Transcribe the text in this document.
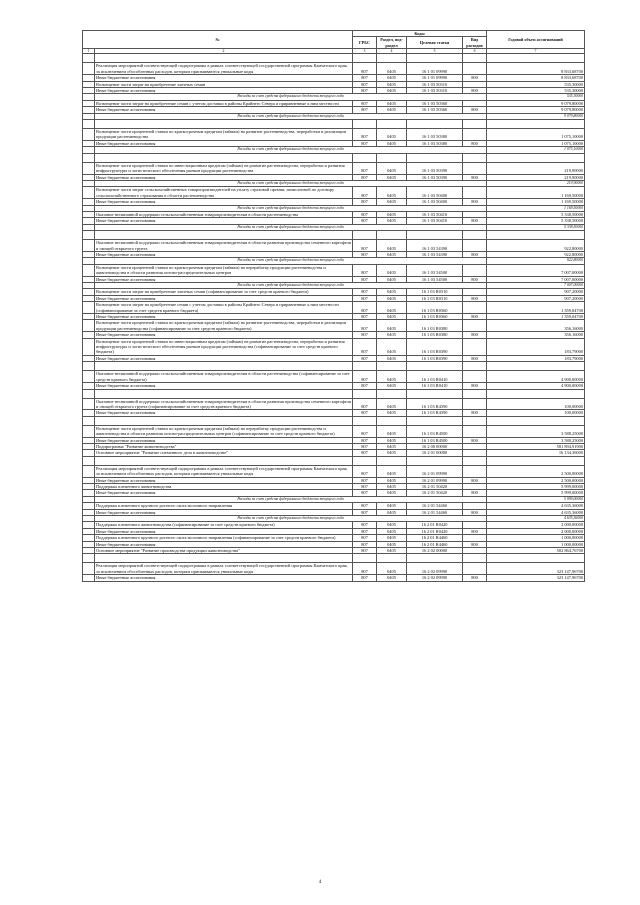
№		Коды				Годовой объем ассигнований
		ГРБС	Раздел, под-раздел	Целевая статья	Вид расходов	
1	2	3	4	5	6	7

	Реализация мероприятий соответствующей подпрограммы в рамках соответствующей государственной программы Камчатского края, за исключением обособленных расходов, которым присваиваются уникальные коды	807	0405	16 1 01 09990		8 833,68700
	Иные бюджетные ассигнования	807	0405	16 1 01 09990	800	8 833,68700
	Возмещение части затрат на приобретение элитных семян	807	0405	16 1 03 50310		535,30000
	Иные бюджетные ассигнования	807	0405	16 1 03 50310	800	535,30000
	Расходы за счет средств федерального бюджета текущего года					535,30000
	Возмещение части затрат на приобретение семян с учетом доставки в районы Крайнего Севера и приравненные к ним местности	807	0405	16 1 03 50360		9 079,80000
	Иные бюджетные ассигнования	807	0405	16 1 03 50360	800	9 079,80000
	Расходы за счет средств федерального бюджета текущего года					9 079,80000

	Возмещение части процентной ставки по краткосрочным кредитам (займам) на развитие растениеводства, переработки и реализации продукции растениеводства	807	0405	16 1 03 50380		1 075,10000
	Иные бюджетные ассигнования	807	0405	16 1 03 50380	800	1 075,10000
	Расходы за счет средств федерального бюджета текущего года					1 075,10000

	Возмещение части процентной ставки по инвестиционным кредитам (займам) на развитие растениеводства, переработки и развития инфраструктуры и логистического обеспечения рынков продукции растениеводства	807	0405	16 1 03 50390		219,90000
	Иные бюджетные ассигнования	807	0405	16 1 03 50390	800	219,90000
	Расходы за счет средств федерального бюджета текущего года					219,90000
	Возмещение части затрат сельскохозяйственных товаропроизводителей на уплату страховой премии, начисленной по договору сельскохозяйственного страхования в области растениеводства	807	0405	16 1 03 50400		1 169,50000
	Иные бюджетные ассигнования	807	0405	16 1 03 50400	800	1 169,50000
	Расходы за счет средств федерального бюджета текущего года					1 169,50000
	Оказание несвязанной поддержки сельскохозяйственным товаропроизводителям в области растениеводства	807	0405	16 1 03 50410		5 338,50000
	Иные бюджетные ассигнования	807	0405	16 1 03 50410	800	5 338,50000
	Расходы за счет средств федерального бюджета текущего года					5 338,50000

	Оказание несвязанной поддержки сельскохозяйственным товаропроизводителям в области развития производства семенного картофеля и овощей открытого грунта	807	0405	16 1 03 54390		922,80000
	Иные бюджетные ассигнования	807	0405	16 1 03 54390	800	922,80000
	Расходы за счет средств федерального бюджета текущего года					922,80000
	Возмещение части процентной ставки по краткосрочным кредитам (займам) на переработку продукции растениеводства и животноводства в области развития оптово-распределительных центров	807	0405	16 1 03 54500		7 007,00000
	Иные бюджетные ассигнования	807	0405	16 1 03 54500	800	7 007,00000
	Расходы за счет средств федерального бюджета текущего года					7 007,00000
	Возмещение части затрат на приобретение элитных семян (софинансирование за счет средств краевого бюджета)	807	0405	16 1 03 R0310		907,20000
	Иные бюджетные ассигнования	807	0405	16 1 03 R0310	800	907,20000
	Возмещение части затрат на приобретение семян с учетом доставки в районы Крайнего Севера и приравненные к ним местности (софинансирование за счет средств краевого бюджета)	807	0405	16 1 03 R0360		1 359,04700
	Иные бюджетные ассигнования	807	0405	16 1 03 R0360	800	1 359,04700
	Возмещение части процентной ставки по краткосрочным кредитам (займам) на развитие растениеводства, переработки и реализации продукции растениеводства (софинансирование за счет средств краевого бюджета)	807	0405	16 1 03 R0380		356,16000
	Иные бюджетные ассигнования	807	0405	16 1 03 R0380	800	356,16000
	Возмещение части процентной ставки по инвестиционным кредитам (займам) на развитие растениеводства, переработки и развития инфраструктуры и логистического обеспечения рынков продукции растениеводства (софинансирование за счет средств краевого бюджета)	807	0405	16 1 03 R0390		183,79000
	Иные бюджетные ассигнования	807	0405	16 1 03 R0390	800	183,79000

	Оказание несвязанной поддержки сельскохозяйственным товаропроизводителям в области растениеводства (софинансирование за счет средств краевого бюджета)	807	0405	16 1 03 R0410		4 900,00000
	Иные бюджетные ассигнования	807	0405	16 1 03 R0410	800	4 900,00000

	Оказание несвязанной поддержки сельскохозяйственным товаропроизводителям в области развития производства семенного картофеля и овощей открытого грунта (софинансирование за счет средств краевого бюджета)	807	0405	16 1 03 R4390		100,00000
	Иные бюджетные ассигнования	807	0405	16 1 03 R4390	800	100,00000

	Возмещение части процентной ставки по краткосрочным кредитам (займам) на переработку продукции растениеводства и животноводства в области развития оптово-распределительных центров (софинансирование за счет средств краевого бюджета)	807	0405	16 1 03 R4500		3 588,25000
	Иные бюджетные ассигнования	807	0405	16 1 03 R4500	800	3 588,25000
	Подпрограмма "Развитие животноводства"	807	0405	16 2 00 00000		581 894,91900
	Основное мероприятие "Развитие племенного дела в животноводстве"	807	0405	16 2 01 00000		16 134,36000

	Реализация мероприятий соответствующей подпрограммы в рамках соответствующей государственной программы Камчатского края, за исключением обособленных расходов, которым присваиваются уникальные коды	807	0405	16 2 01 09990		2 500,00000
	Иные бюджетные ассигнования	807	0405	16 2 01 09990	800	2 500,00000
	Поддержка племенного животноводства	807	0405	16 2 01 50420		5 999,00000
	Иные бюджетные ассигнования	807	0405	16 2 01 50420	800	5 999,00000
	Расходы за счет средств федерального бюджета текущего года					5 999,00000
	Поддержка племенного крупного рогатого скота молочного направления	807	0405	16 2 01 54460		4 635,36000
	Иные бюджетные ассигнования	807	0405	16 2 01 54460	800	4 635,36000
	Расходы за счет средств федерального бюджета текущего года					4 635,36000
	Поддержка племенного животноводства (софинансирование за счет средств краевого бюджета)	807	0405	16 2 01 R0420		2 000,00000
	Иные бюджетные ассигнования	807	0405	16 2 01 R0420	800	2 000,00000
	Поддержка племенного крупного рогатого скота молочного направления (софинансирование за счет средств краевого бюджета)	807	0405	16 2 01 R4460		1 000,00000
	Иные бюджетные ассигнования	807	0405	16 2 01 R4460	800	1 000,00000
	Основное мероприятие "Развитие производства продукции животноводства"	807	0405	16 2 02 00000		502 864,76700

	Реализация мероприятий соответствующей подпрограммы в рамках соответствующей государственной программы Камчатского края, за исключением обособленных расходов, которым присваиваются уникальные коды	807	0405	16 2 02 09990		323 147,96700
	Иные бюджетные ассигнования	807	0405	16 2 02 09990	800	323 147,96700
4
